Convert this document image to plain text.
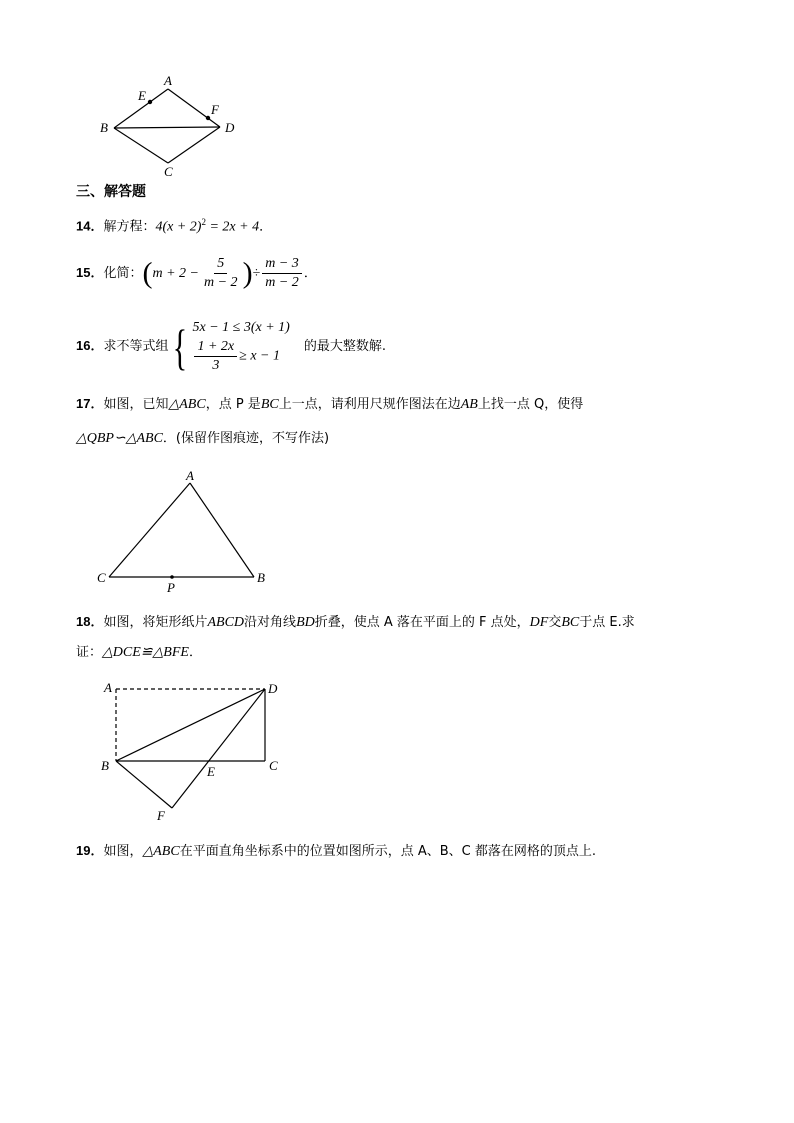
A
B
C
D
E
F
三、解答题
14．解方程：$4(x + 2)^2 = 2x + 4$．
15．化简：($m + 2 - \frac{5}{m - 2}$ )÷ $\frac{m - 3}{m - 2}$ ．
16．求不等式组{ 5x − 1 ≤ 3(x + 1)
$\frac{1 + 2x}{3} \ge x - 1$
的最大整数解.
17．如图，已知△ABC，点 P 是BC上一点，请利用尺规作图法在边AB上找一点 Q，使得
△QBP∽△ABC．(保留作图痕迹，不写作法)
A
C
P
B
18．如图，将矩形纸片ABCD沿对角线BD折叠，使点 A 落在平面上的 F 点处，DF交BC于点 E.求
证：△DCE≌△BFE．
A	D
B	E	C
F
19．如图，△ABC在平面直角坐标系中的位置如图所示，点 A、B、C 都落在网格的顶点上.
